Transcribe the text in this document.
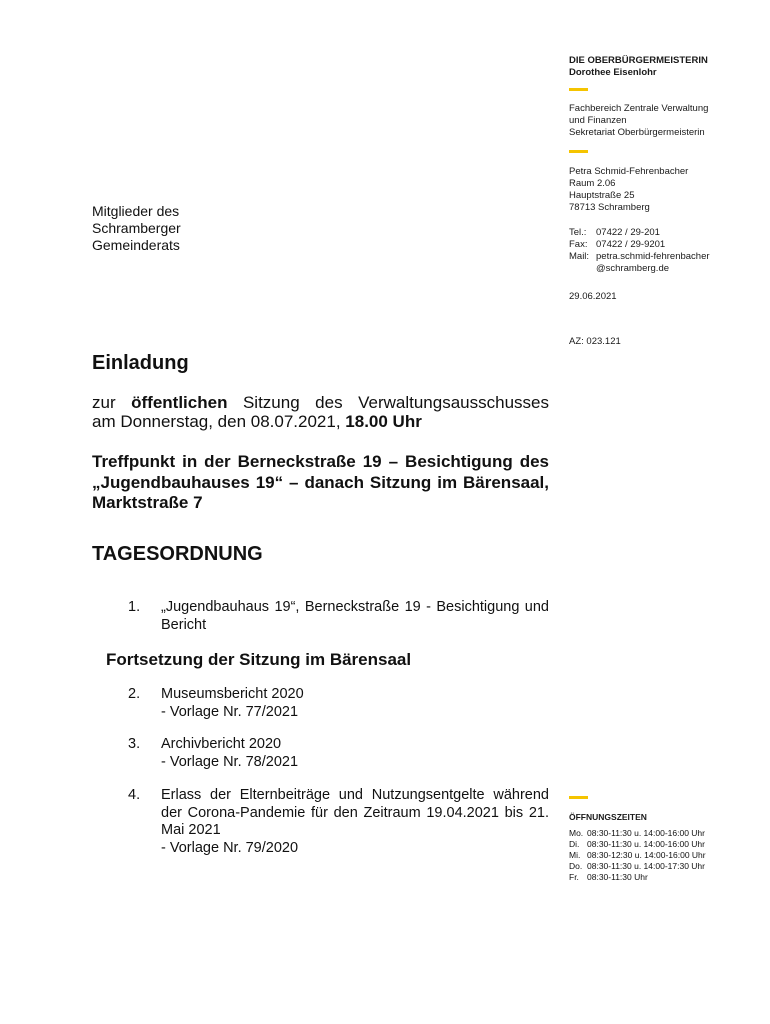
DIE OBERBÜRGERMEISTERIN
Dorothee Eisenlohr
Fachbereich Zentrale Verwaltung
und Finanzen
Sekretariat Oberbürgermeisterin
Petra Schmid-Fehrenbacher
Raum 2.06
Hauptstraße 25
78713 Schramberg
Tel.:	07422 / 29-201
Fax: 07422 / 29-9201
Mail: petra.schmid-fehrenbacher
@schramberg.de
29.06.2021
AZ: 023.121
Mitglieder des
Schramberger
Gemeinderats
Einladung
zur öffentlichen Sitzung des Verwaltungsausschusses
am Donnerstag, den 08.07.2021, 18.00 Uhr
Treffpunkt in der Berneckstraße 19 – Besichtigung des „Jugendbauhauses 19“ – danach Sitzung im Bärensaal, Marktstraße 7
TAGESORDNUNG
1. „Jugendbauhaus 19“, Berneckstraße 19 - Besichtigung und Bericht
Fortsetzung der Sitzung im Bärensaal
2. Museumsbericht 2020
- Vorlage Nr. 77/2021
3. Archivbericht 2020
- Vorlage Nr. 78/2021
4. Erlass der Elternbeiträge und Nutzungsentgelte während der Corona-Pandemie für den Zeitraum 19.04.2021 bis 21. Mai 2021
- Vorlage Nr. 79/2020
ÖFFNUNGSZEITEN
Mo. 08:30-11:30 u. 14:00-16:00 Uhr
Di. 08:30-11:30 u. 14:00-16:00 Uhr
Mi. 08:30-12:30 u. 14:00-16:00 Uhr
Do. 08:30-11:30 u. 14:00-17:30 Uhr
Fr. 08:30-11:30 Uhr
